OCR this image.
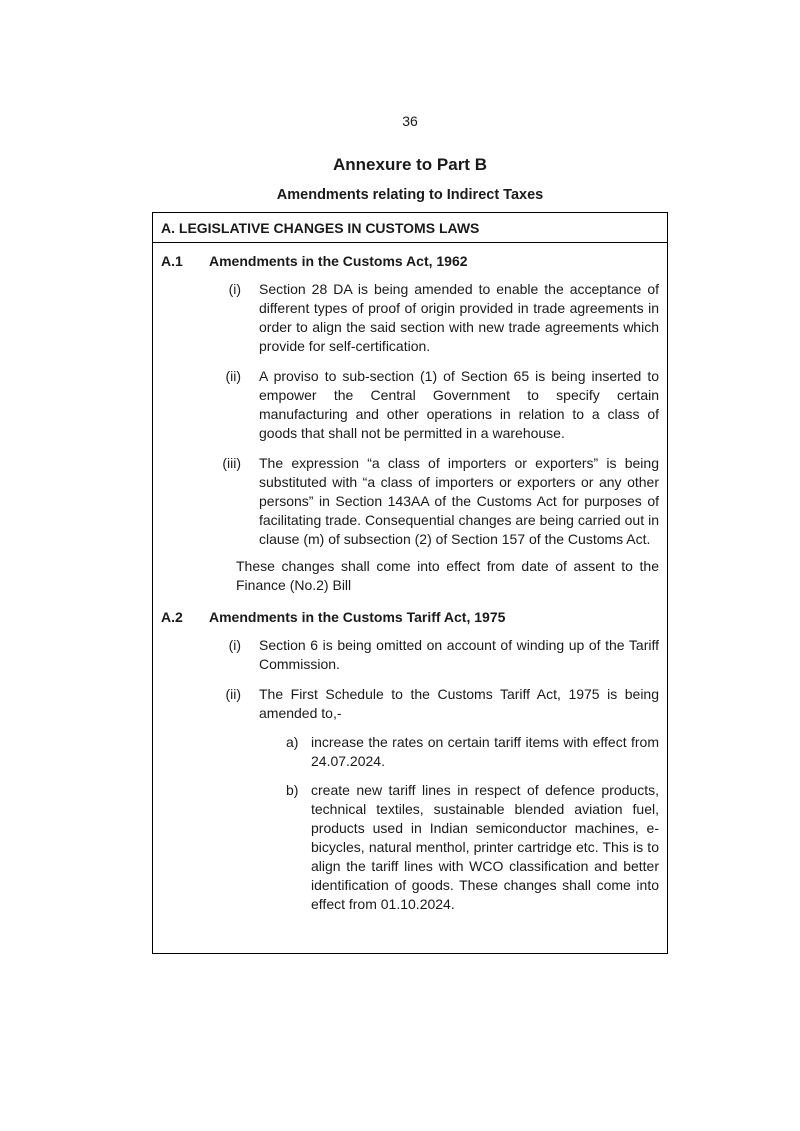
36
Annexure to Part B
Amendments relating to Indirect Taxes
A. LEGISLATIVE CHANGES IN CUSTOMS LAWS
A.1 Amendments in the Customs Act, 1962
(i) Section 28 DA is being amended to enable the acceptance of different types of proof of origin provided in trade agreements in order to align the said section with new trade agreements which provide for self-certification.
(ii) A proviso to sub-section (1) of Section 65 is being inserted to empower the Central Government to specify certain manufacturing and other operations in relation to a class of goods that shall not be permitted in a warehouse.
(iii) The expression “a class of importers or exporters” is being substituted with “a class of importers or exporters or any other persons” in Section 143AA of the Customs Act for purposes of facilitating trade. Consequential changes are being carried out in clause (m) of subsection (2) of Section 157 of the Customs Act.
These changes shall come into effect from date of assent to the Finance (No.2) Bill
A.2 Amendments in the Customs Tariff Act, 1975
(i) Section 6 is being omitted on account of winding up of the Tariff Commission.
(ii) The First Schedule to the Customs Tariff Act, 1975 is being amended to,-
a) increase the rates on certain tariff items with effect from 24.07.2024.
b) create new tariff lines in respect of defence products, technical textiles, sustainable blended aviation fuel, products used in Indian semiconductor machines, e-bicycles, natural menthol, printer cartridge etc. This is to align the tariff lines with WCO classification and better identification of goods. These changes shall come into effect from 01.10.2024.
